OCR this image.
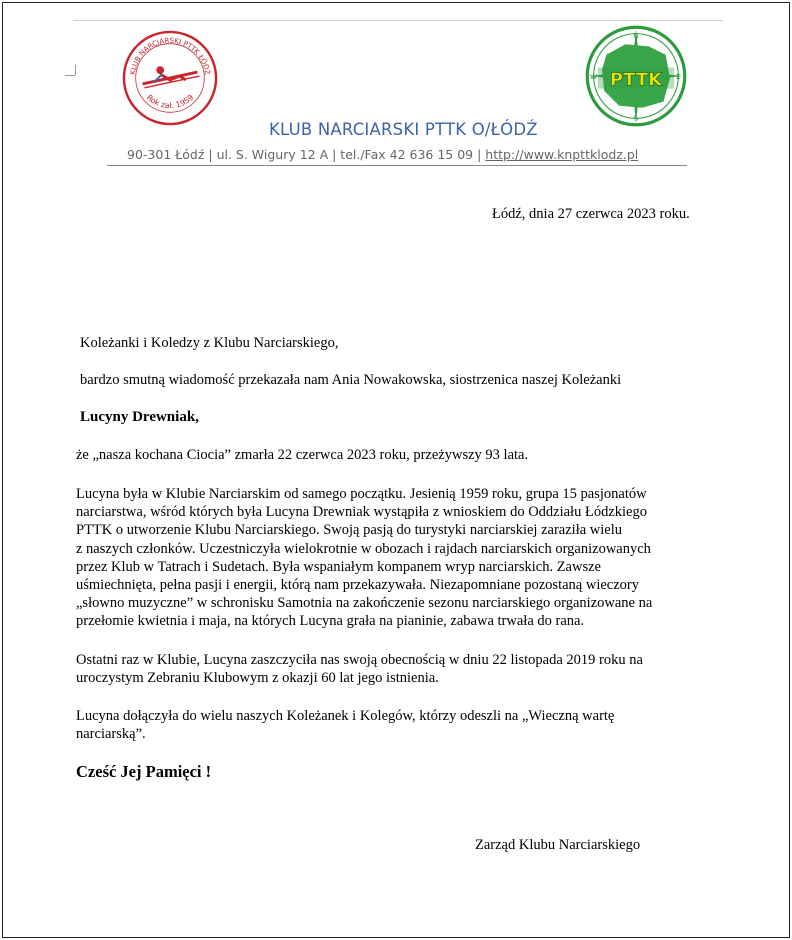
KLUB NARCIARSKI PTTK ŁÓDŹ
Rok zał. 1959
PTTK
N
S
W	E
KLUB NARCIARSKI PTTK O/ŁÓDŹ
90-301 Łódź | ul. S. Wigury 12 A | tel./Fax 42 636 15 09 | http://www.knpttklodz.pl
Łódź, dnia 27 czerwca 2023 roku.
Koleżanki i Koledzy z Klubu Narciarskiego,
bardzo smutną wiadomość przekazała nam Ania Nowakowska, siostrzenica naszej Koleżanki
Lucyny Drewniak,
że „nasza kochana Ciocia” zmarła 22 czerwca 2023 roku, przeżywszy 93 lata.
Lucyna była w Klubie Narciarskim od samego początku. Jesienią 1959 roku, grupa 15 pasjonatów
narciarstwa, wśród których była Lucyna Drewniak wystąpiła z wnioskiem do Oddziału Łódzkiego
PTTK o utworzenie Klubu Narciarskiego. Swoją pasją do turystyki narciarskiej zaraziła wielu
z naszych członków. Uczestniczyła wielokrotnie w obozach i rajdach narciarskich organizowanych
przez Klub w Tatrach i Sudetach. Była wspaniałym kompanem wryp narciarskich. Zawsze
uśmiechnięta, pełna pasji i energii, którą nam przekazywała. Niezapomniane pozostaną wieczory
„słowno muzyczne” w schronisku Samotnia na zakończenie sezonu narciarskiego organizowane na
przełomie kwietnia i maja, na których Lucyna grała na pianinie, zabawa trwała do rana.
Ostatni raz w Klubie, Lucyna zaszczyciła nas swoją obecnością w dniu 22 listopada 2019 roku na
uroczystym Zebraniu Klubowym z okazji 60 lat jego istnienia.
Lucyna dołączyła do wielu naszych Koleżanek i Kolegów, którzy odeszli na „Wieczną wartę
narciarską”.
Cześć Jej Pamięci !
Zarząd Klubu Narciarskiego
